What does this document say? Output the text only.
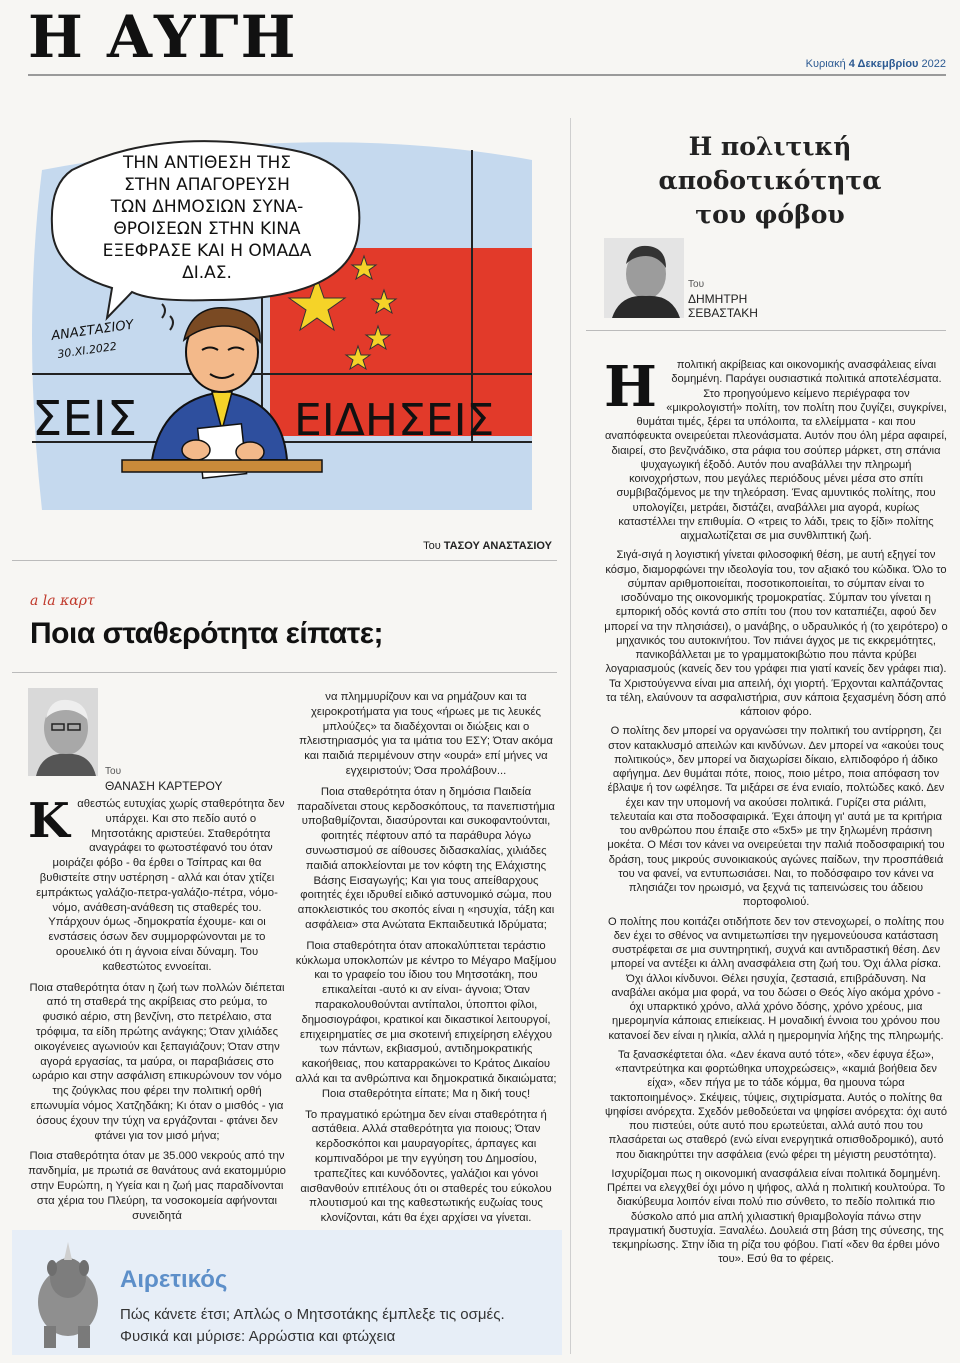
Η ΑΥΓΗ	Κυριακή 4 Δεκεμβρίου 2022
ΤΗΝ ΑΝΤΙΘΕΣΗ ΤΗΣ
ΣΤΗΝ ΑΠΑΓΟΡΕΥΣΗ
ΤΩΝ ΔΗΜΟΣΙΩΝ ΣΥΝΑ-
ΘΡΟΙΣΕΩΝ ΣΤΗΝ ΚΙΝΑ
ΕΞΕΦΡΑΣΕ ΚΑΙ Η ΟΜΑΔΑ
ΔΙ.ΑΣ.
ΑΝΑΣΤΑΣΙΟΥ
30.XI.2022
ΣΕΙΣ	ΕΙΔΗΣΕΙΣ
Του ΤΑΣΟΥ ΑΝΑΣΤΑΣΙΟΥ
a la καρτ
Ποια σταθερότητα είπατε;
Του
ΘΑΝΑΣΗ ΚΑΡΤΕΡΟΥ

Καθεστώς ευτυχίας χωρίς σταθερότητα δεν υπάρχει. Και στο πεδίο αυτό ο Μητσοτάκης αριστεύει. Σταθερότητα αναγράφει το φωτοστέφανό του όταν μοιράζει φόβο - θα έρθει ο Τσίπρας και θα βυθιστείτε στην υστέρηση - αλλά και όταν χτίζει εμπράκτως γαλάζιο-πετρα-γαλάζιο-πέτρα, νόμο-νόμο, ανάθεση-ανάθεση τις σταθερές του. Υπάρχουν όμως -δημοκρατία έχουμε- και οι ενστάσεις όσων δεν συμμορφώνονται με το ορουελικό ότι η άγνοια είναι δύναμη. Του καθεστώτος εννοείται.

Ποια σταθερότητα όταν η ζωή των πολλών διέπεται από τη σταθερά της ακρίβειας στο ρεύμα, το φυσικό αέριο, στη βενζίνη, στο πετρέλαιο, στα τρόφιμα, τα είδη πρώτης ανάγκης; Όταν χιλιάδες οικογένειες αγωνιούν και ξεπαγιάζουν; Όταν στην αγορά εργασίας, τα μαύρα, οι παραβιάσεις στο ωράριο και στην ασφάλιση επικυρώνουν τον νόμο της ζούγκλας που φέρει την πολιτική ορθή επωνυμία νόμος Χατζηδάκη; Κι όταν ο μισθός - για όσους έχουν την τύχη να εργάζονται - φτάνει δεν φτάνει για τον μισό μήνα;

Ποια σταθερότητα όταν με 35.000 νεκρούς από την πανδημία, με πρωτιά σε θανάτους ανά εκατομμύριο στην Ευρώπη, η Υγεία και η ζωή μας παραδίνονται στα χέρια του Πλεύρη, τα νοσοκομεία αφήνονται συνειδητά

να πλημμυρίζουν και να ρημάζουν και τα χειροκροτήματα για τους «ήρωες με τις λευκές μπλούζες» τα διαδέχονται οι διώξεις και ο πλειστηριασμός για τα ιμάτια του ΕΣΥ; Όταν ακόμα και παιδιά περιμένουν στην «ουρά» επί μήνες να εγχειριστούν; Όσα προλάβουν...

Ποια σταθερότητα όταν η δημόσια Παιδεία παραδίνεται στους κερδοσκόπους, τα πανεπιστήμια υποβαθμίζονται, διασύρονται και συκοφαντούνται, φοιτητές πέφτουν από τα παράθυρα λόγω συνωστισμού σε αίθουσες διδασκαλίας, χιλιάδες παιδιά αποκλείονται με τον κόφτη της Ελάχιστης Βάσης Εισαγωγής; Και για τους απείθαρχους φοιτητές έχει ιδρυθεί ειδικό αστυνομικό σώμα, που αποκλειστικός του σκοπός είναι η «ησυχία, τάξη και ασφάλεια» στα Ανώτατα Εκπαιδευτικά Ιδρύματα;

Ποια σταθερότητα όταν αποκαλύπτεται τεράστιο κύκλωμα υποκλοπών με κέντρο το Μέγαρο Μαξίμου και το γραφείο του ίδιου του Μητσοτάκη, που επικαλείται -αυτό κι αν είναι- άγνοια; Όταν παρακολουθούνται αντίπαλοι, ύποπτοι φίλοι, δημοσιογράφοι, κρατικοί και δικαστικοί λειτουργοί, επιχειρηματίες σε μια σκοτεινή επιχείρηση ελέγχου των πάντων, εκβιασμού, αντιδημοκρατικής κακοήθειας, που καταρρακώνει το Κράτος Δικαίου αλλά και τα ανθρώπινα και δημοκρατικά δικαιώματα; Ποια σταθερότητα είπατε; Μα η δική τους!

Το πραγματικό ερώτημα δεν είναι σταθερότητα ή αστάθεια. Αλλά σταθερότητα για ποιους; Όταν κερδοσκόποι και μαυραγορίτες, άρπαγες και κομπιναδόροι με την εγγύηση του Δημοσίου, τραπεζίτες και κυνόδοντες, γαλάζιοι και γόνοι αισθανθούν επιτέλους ότι οι σταθερές του εύκολου πλουτισμού και της καθεστωτικής ευζωίας τους κλονίζονται, κάτι θα έχει αρχίσει να γίνεται.

Αιρετικός
Πώς κάνετε έτσι; Απλώς ο Μητσοτάκης έμπλεξε τις οσμές.
Φυσικά και μύρισε: Αρρώστια και φτώχεια
Η πολιτική αποδοτικότητα
του φόβου
Του
ΔΗΜΗΤΡΗ
ΣΕΒΑΣΤΑΚΗ

Η πολιτική ακρίβειας και οικονομικής ανασφάλειας είναι δομημένη. Παράγει ουσιαστικά πολιτικά αποτελέσματα. Στο προηγούμενο κείμενο περιέγραφα τον «μικρολογιστή» πολίτη, τον πολίτη που ζυγίζει, συγκρίνει, θυμάται τιμές, ξέρει τα υπόλοιπα, τα ελλείμματα - και που αναπόφευκτα ονειρεύεται πλεονάσματα. Αυτόν που όλη μέρα αφαιρεί, διαιρεί, στο βενζινάδικο, στα ράφια του σούπερ μάρκετ, στη σπάνια ψυχαγωγική έξοδό. Αυτόν που αναβάλλει την πληρωμή κοινοχρήστων, που μεγάλες περιόδους μένει μέσα στο σπίτι συμβιβαζόμενος με την τηλεόραση. Ένας αμυντικός πολίτης, που υπολογίζει, μετράει, διστάζει, αναβάλλει μια αγορά, κυρίως καταστέλλει την επιθυμία. Ο «τρεις το λάδι, τρεις το ξίδι» πολίτης αιχμαλωτίζεται σε μια συνθλιπτική ζωή.

Σιγά-σιγά η λογιστική γίνεται φιλοσοφική θέση, με αυτή εξηγεί τον κόσμο, διαμορφώνει την ιδεολογία του, τον αξιακό του κώδικα. Όλο το σύμπαν αριθμοποιείται, ποσοτικοποιείται, το σύμπαν είναι το ισοδύναμο της οικονομικής τρομοκρατίας. Σύμπαν του γίνεται η εμπορική οδός κοντά στο σπίτι του (που τον καταπιέζει, αφού δεν μπορεί να την πλησιάσει), ο μανάβης, ο υδραυλικός ή (το χειρότερο) ο μηχανικός του αυτοκινήτου. Τον πιάνει άγχος με τις εκκρεμότητες, πανικοβάλλεται με το γραμματοκιβώτιο που πάντα κρύβει λογαριασμούς (κανείς δεν του γράφει πια γιατί κανείς δεν γράφει πια). Τα Χριστούγεννα είναι μια απειλή, όχι γιορτή. Έρχονται καλπάζοντας τα τέλη, ελαύνουν τα ασφαλιστήρια, συν κάποια ξεχασμένη δόση από κάποιον φόρο.

Ο πολίτης δεν μπορεί να οργανώσει την πολιτική του αντίρρηση, ζει στον κατακλυσμό απειλών και κινδύνων. Δεν μπορεί να «ακούει τους πολιτικούς», δεν μπορεί να διαχωρίσει δίκαιο, ελπιδοφόρο ή άδικο αφήγημα. Δεν θυμάται πότε, ποιος, ποιο μέτρο, ποια απόφαση τον έβλαψε ή τον ωφέλησε. Τα μιξάρει σε ένα ενιαίο, πολτώδες κακό. Δεν έχει καν την υπομονή να ακούσει πολιτικά. Γυρίζει στα ριάλιτι, τελευταία και στα ποδοσφαιρικά. Έχει άποψη γι' αυτά με τα κριτήρια του ανθρώπου που έπαιξε στο «5x5» με την ξηλωμένη πράσινη μοκέτα. Ο Μέσι τον κάνει να ονειρεύεται την παλιά ποδοσφαιρική του δράση, τους μικρούς συνοικιακούς αγώνες παίδων, την προσπάθειά του να φανεί, να εντυπωσιάσει. Ναι, το ποδόσφαιρο τον κάνει να πλησιάζει τον ηρωισμό, να ξεχνά τις ταπεινώσεις του άδειου πορτοφολιού.

Ο πολίτης που κοιτάζει οτιδήποτε δεν τον στενοχωρεί, ο πολίτης που δεν έχει το σθένος να αντιμετωπίσει την ηγεμονεύουσα κατάσταση συστρέφεται σε μια συντηρητική, συχνά και αντιδραστική θέση. Δεν μπορεί να αντέξει κι άλλη ανασφάλεια στη ζωή του. Όχι άλλα ρίσκα. Όχι άλλοι κίνδυνοι. Θέλει ησυχία, ζεστασιά, επιβράδυνση. Να αναβάλει ακόμα μια φορά, να του δώσει ο Θεός λίγο ακόμα χρόνο - όχι υπαρκτικό χρόνο, αλλά χρόνο δόσης, χρόνο χρέους, μια ημερομηνία κάποιας επιείκειας. Η μοναδική έννοια του χρόνου που κατανοεί δεν είναι η ηλικία, αλλά η ημερομηνία λήξης της πληρωμής.

Τα ξανασκέφτεται όλα. «Δεν έκανα αυτό τότε», «δεν έφυγα έξω», «παντρεύτηκα και φορτώθηκα υποχρεώσεις», «καμιά βοήθεια δεν είχα», «δεν πήγα με το τάδε κόμμα, θα ημουνα τώρα τακτοποιημένος». Σκέψεις, τύψεις, σιχτιρίσματα. Αυτός ο πολίτης θα ψηφίσει ανόρεχτα. Σχεδόν μεθοδεύεται να ψηφίσει ανόρεχτα: όχι αυτό που πιστεύει, ούτε αυτό που ερωτεύεται, αλλά αυτό που του πλασάρεται ως σταθερό (ενώ είναι ενεργητικά οπισθοδρομικό), αυτό που διακηρύττει την ασφάλεια (ενώ φέρει τη μέγιστη ρευστότητα).

Ισχυρίζομαι πως η οικονομική ανασφάλεια είναι πολιτικά δομημένη. Πρέπει να ελεγχθεί όχι μόνο η ψήφος, αλλά η πολιτική κουλτούρα. Το διακύβευμα λοιπόν είναι πολύ πιο σύνθετο, το πεδίο πολιτικά πιο δύσκολο από μια απλή χιλιαστική θριαμβολογία πάνω στην πραγματική δυστυχία. Ξαναλέω. Δουλειά στη βάση της σύνεσης, της τεκμηρίωσης. Στην ίδια τη ρίζα του φόβου. Γιατί «δεν θα έρθει μόνο του». Εσύ θα το φέρεις.
